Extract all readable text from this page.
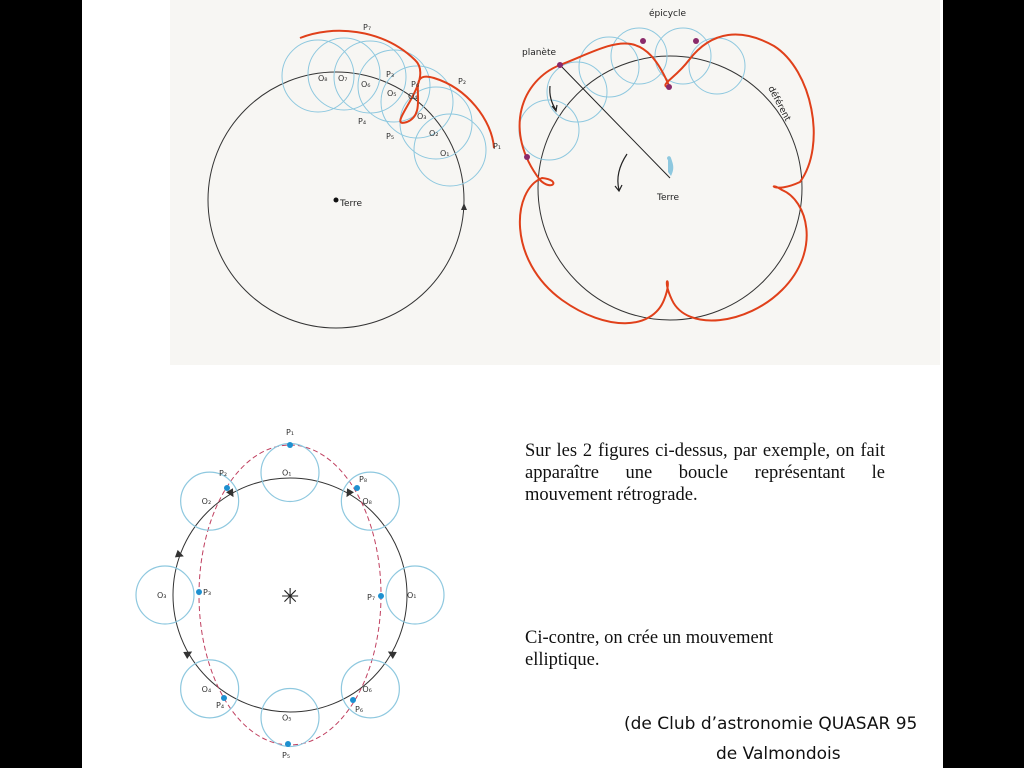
Terre
O₁
O₂
O₃
O₄
O₅
O₆
O₇
O₈
P₁
P₂
P₃
P₄
P₅
P₆
P₇
Terre
planète
épicycle
déférent
✳	O₁
O₂
O₃
O₄
O₅
O₆
O₁
O₈
P₁
P₂
P₃
P₄
P₅
P₆
P₇
P₈
Sur les 2 figures ci-dessus, par exemple, on fait apparaître une boucle représentant le mouvement rétrograde.
Ci-contre, on crée un mouvement elliptique.
(de Club d’astronomie QUASAR 95
de Valmondois
